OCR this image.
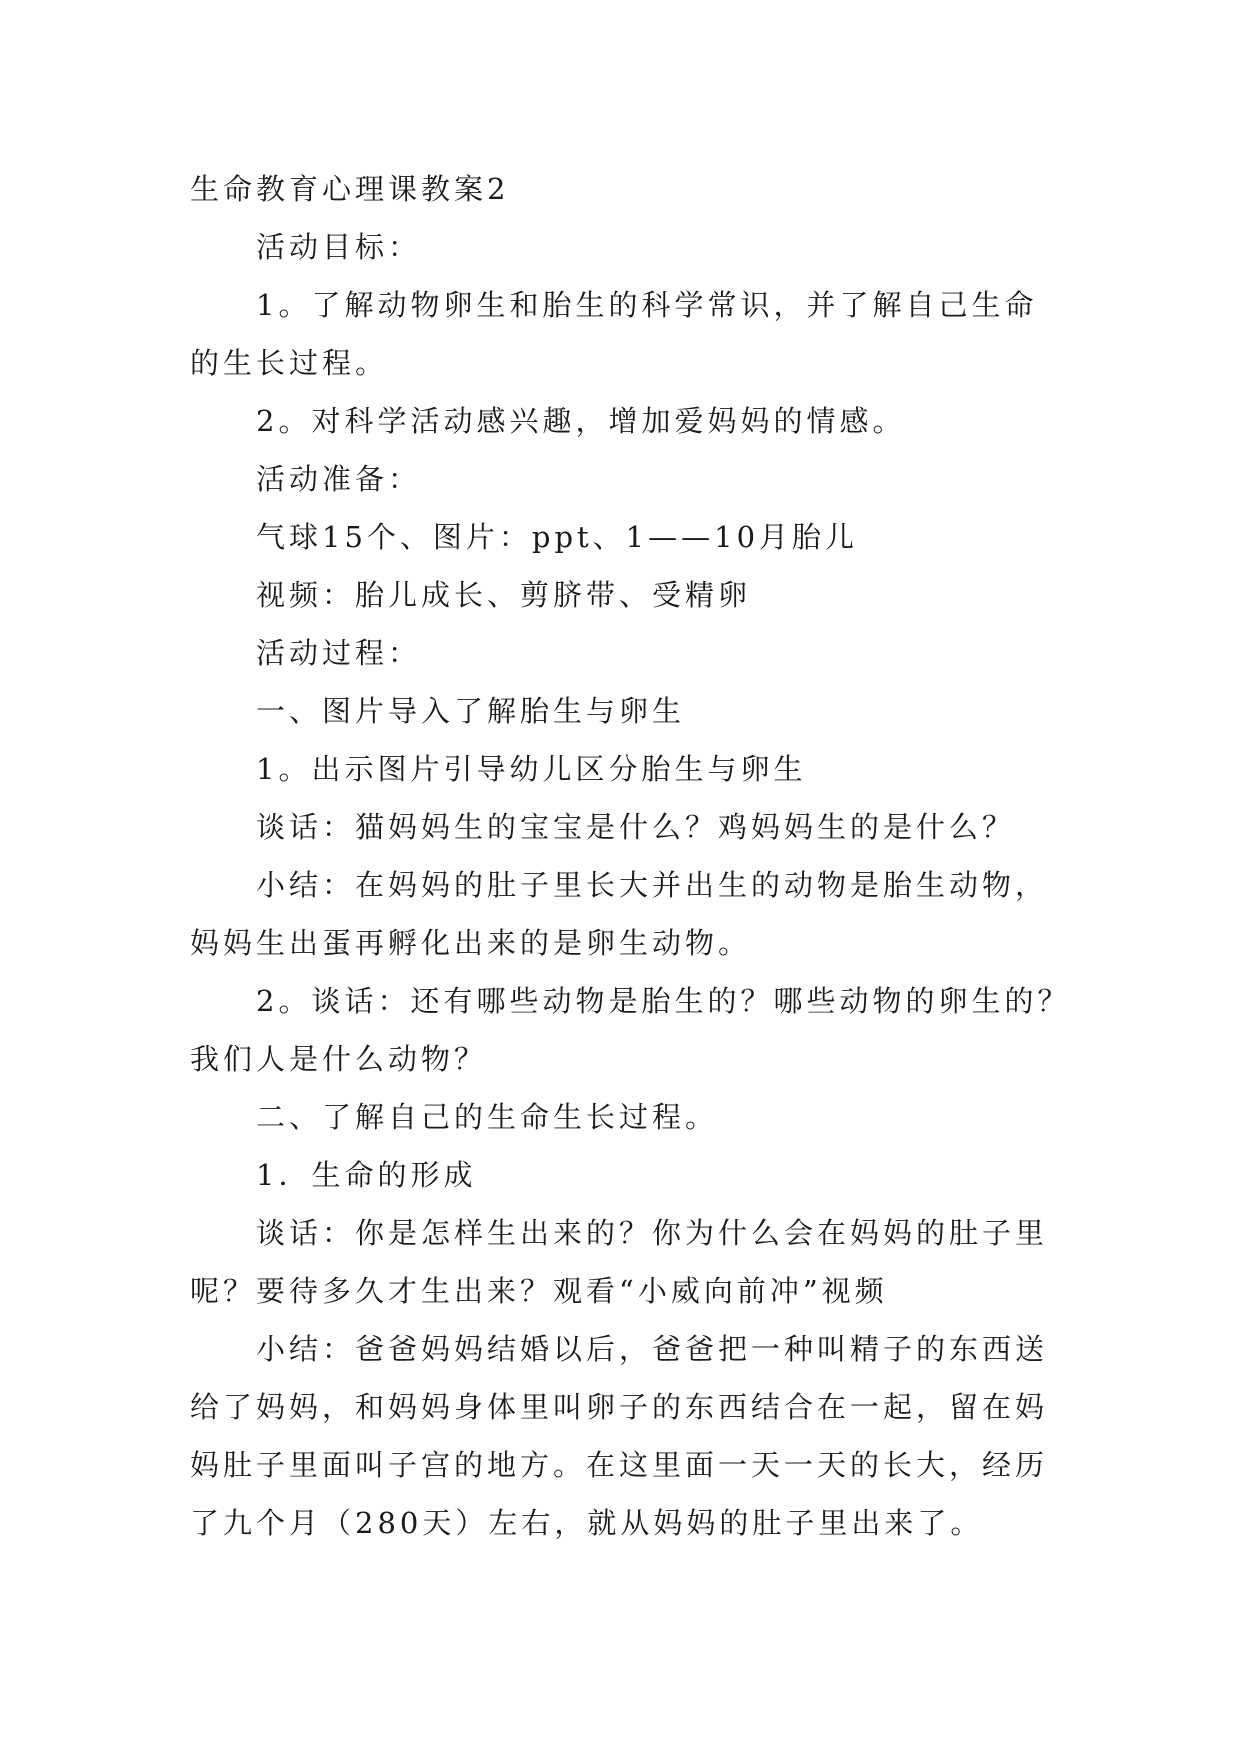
生命教育心理课教案2
活动目标：
1。了解动物卵生和胎生的科学常识，并了解自己生命
的生长过程。
2。对科学活动感兴趣，增加爱妈妈的情感。
活动准备：
气球15个、图片：ppt、1——10月胎儿
视频：胎儿成长、剪脐带、受精卵
活动过程：
一、图片导入了解胎生与卵生
1。出示图片引导幼儿区分胎生与卵生
谈话：猫妈妈生的宝宝是什么？鸡妈妈生的是什么？
小结：在妈妈的肚子里长大并出生的动物是胎生动物，
妈妈生出蛋再孵化出来的是卵生动物。
2。谈话：还有哪些动物是胎生的？哪些动物的卵生的？
我们人是什么动物？
二、了解自己的生命生长过程。
1．生命的形成
谈话：你是怎样生出来的？你为什么会在妈妈的肚子里
呢？要待多久才生出来？观看“小威向前冲”视频
小结：爸爸妈妈结婚以后，爸爸把一种叫精子的东西送
给了妈妈，和妈妈身体里叫卵子的东西结合在一起，留在妈
妈肚子里面叫子宫的地方。在这里面一天一天的长大，经历
了九个月（280天）左右，就从妈妈的肚子里出来了。
